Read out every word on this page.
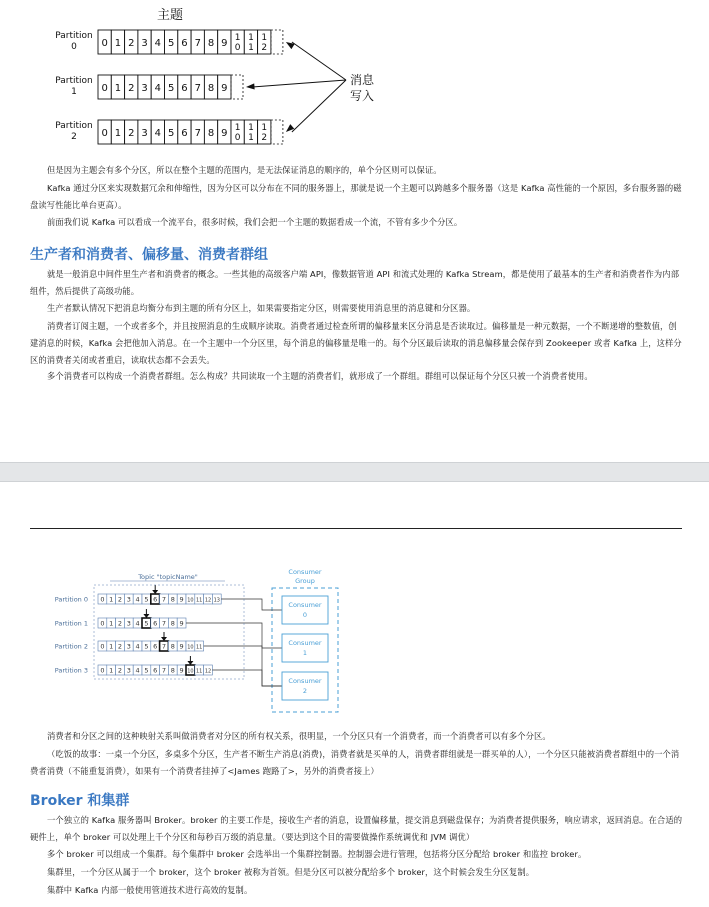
主题
Partition
0 0 1 2 3 4 5 6 7 8 9 1
0
1
1
1
2
Partition
1 0 1 2 3 4 5 6 7 8 9
Partition
2 0 1 2 3 4 5 6 7 8 9 1
0
1
1
1
2
消息
写入
但是因为主题会有多个分区，所以在整个主题的范围内，是无法保证消息的顺序的，单个分区则可以保证。
Kafka 通过分区来实现数据冗余和伸缩性，因为分区可以分布在不同的服务器上，那就是说一个主题可以跨越多个服务器（这是 Kafka 高性能的一个原因，多台服务器的磁盘读写性能比单台更高）。
前面我们说 Kafka 可以看成一个流平台，很多时候，我们会把一个主题的数据看成一个流，不管有多少个分区。
生产者和消费者、偏移量、消费者群组
就是一般消息中间件里生产者和消费者的概念。一些其他的高级客户端 API，像数据管道 API 和流式处理的 Kafka Stream，都是使用了最基本的生产者和消费者作为内部组件，然后提供了高级功能。
生产者默认情况下把消息均衡分布到主题的所有分区上，如果需要指定分区，则需要使用消息里的消息键和分区器。
消费者订阅主题，一个或者多个，并且按照消息的生成顺序读取。消费者通过检查所谓的偏移量来区分消息是否读取过。偏移量是一种元数据，一个不断递增的整数值，创建消息的时候，Kafka 会把他加入消息。在一个主题中一个分区里，每个消息的偏移量是唯一的。每个分区最后读取的消息偏移量会保存到 Zookeeper 或者 Kafka 上，这样分区的消费者关闭或者重启，读取状态都不会丢失。
多个消费者可以构成一个消费者群组。怎么构成？共同读取一个主题的消费者们，就形成了一个群组。群组可以保证每个分区只被一个消费者使用。
Topic "topicName"
Consumer
Group
Partition 0 0 1 2 3 4 5 6 7 8 9 10 11 12 13
Partition 1 0 1 2 3 4 5 6 7 8 9
Partition 2 0 1 2 3 4 5 6 7 8 9 10 11
Partition 3 0 1 2 3 4 5 6 7 8 9 10 11 12
Consumer
0
Consumer
1
Consumer
2
消费者和分区之间的这种映射关系叫做消费者对分区的所有权关系，很明显，一个分区只有一个消费者，而一个消费者可以有多个分区。
（吃饭的故事：一桌一个分区，多桌多个分区，生产者不断生产消息(消费)，消费者就是买单的人，消费者群组就是一群买单的人），一个分区只能被消费者群组中的一个消费者消费（不能重复消费），如果有一个消费者挂掉了<James 跑路了>，另外的消费者接上）
Broker 和集群
一个独立的 Kafka 服务器叫 Broker。broker 的主要工作是，接收生产者的消息，设置偏移量，提交消息到磁盘保存；为消费者提供服务，响应请求，返回消息。在合适的硬件上，单个 broker 可以处理上千个分区和每秒百万级的消息量。（要达到这个目的需要做操作系统调优和 JVM 调优）
多个 broker 可以组成一个集群。每个集群中 broker 会选举出一个集群控制器。控制器会进行管理，包括将分区分配给 broker 和监控 broker。
集群里，一个分区从属于一个 broker，这个 broker 被称为首领。但是分区可以被分配给多个 broker，这个时候会发生分区复制。
集群中 Kafka 内部一般使用管道技术进行高效的复制。
